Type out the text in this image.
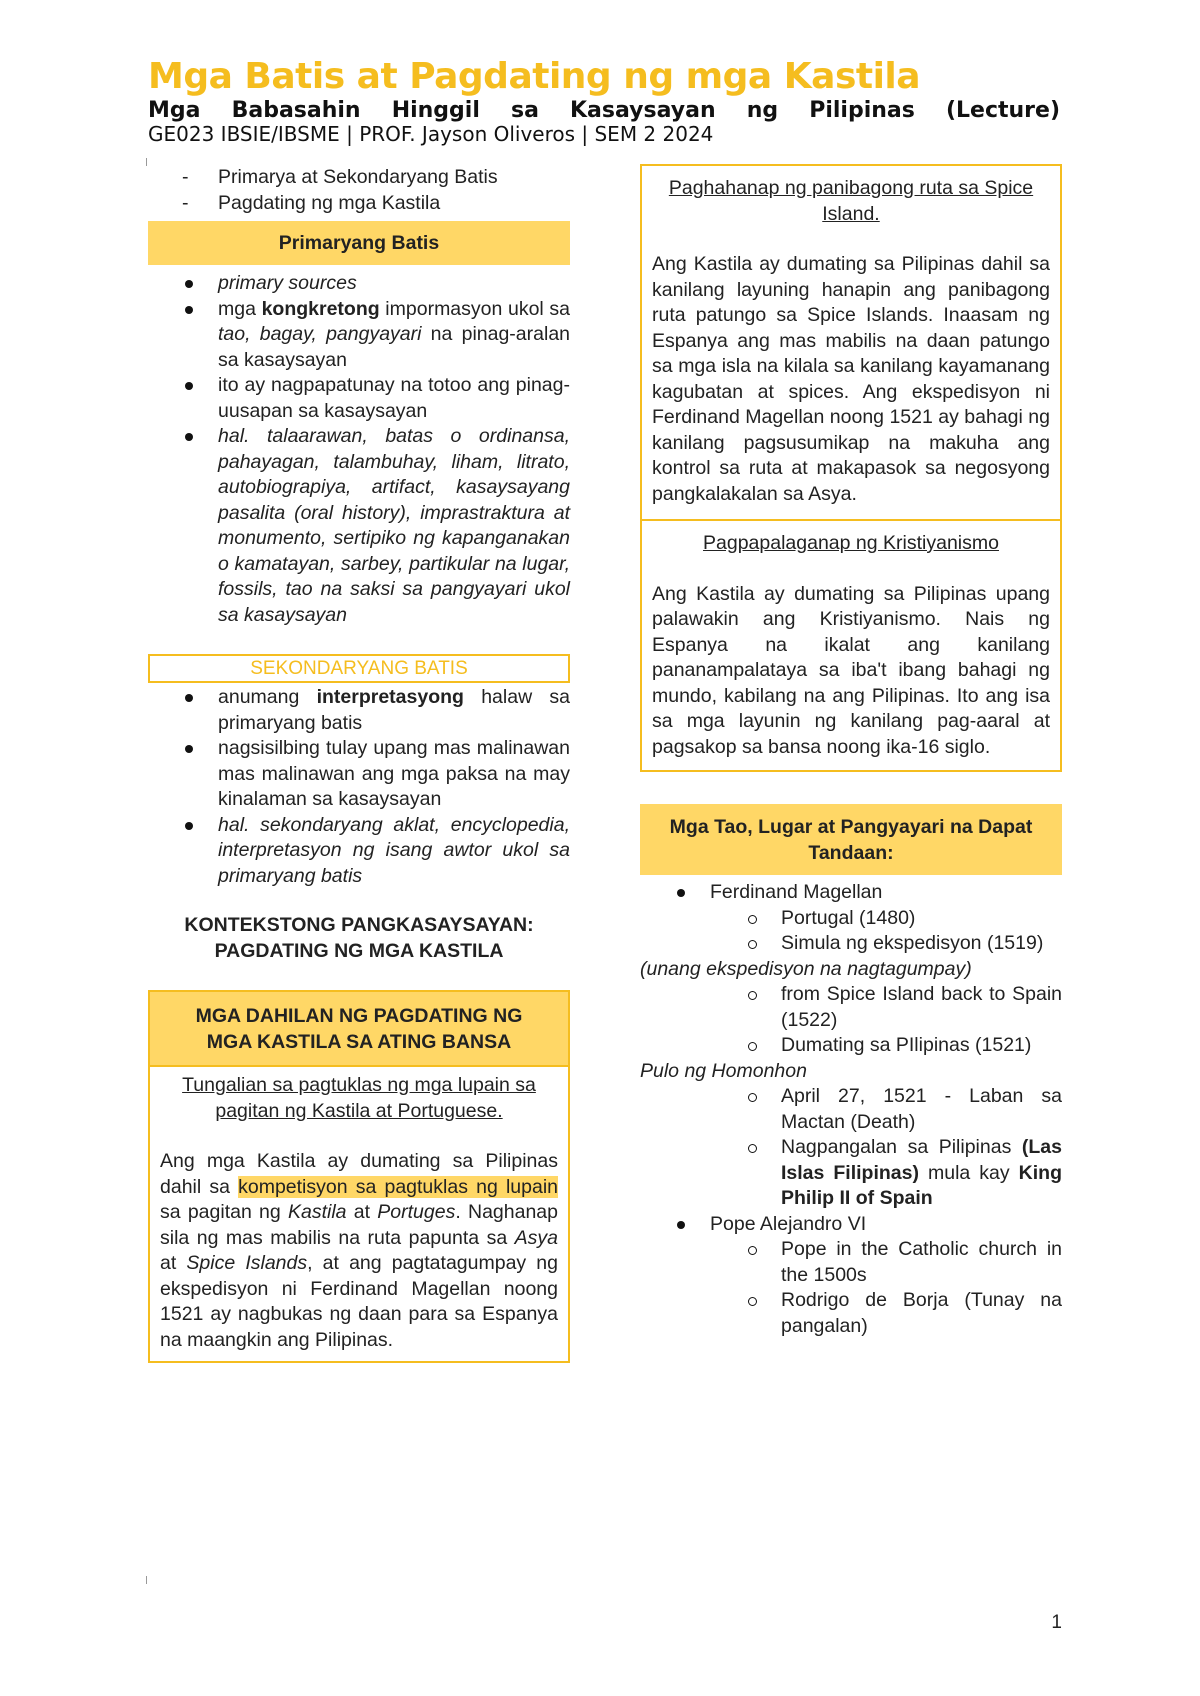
Mga Batis at Pagdating ng mga Kastila
Mga Babasahin Hinggil sa Kasaysayan ng Pilipinas (Lecture)
GE023 IBSIE/IBSME | PROF. Jayson Oliveros | SEM 2 2024
- Primarya at Sekondaryang Batis
- Pagdating ng mga Kastila
Primaryang Batis
primary sources
mga kongkretong impormasyon ukol sa tao, bagay, pangyayari na pinag-aralan sa kasaysayan
ito ay nagpapatunay na totoo ang pinag-uusapan sa kasaysayan
hal. talaarawan, batas o ordinansa, pahayagan, talambuhay, liham, litrato, autobiograpiya, artifact, kasaysayang pasalita (oral history), imprastraktura at monumento, sertipiko ng kapanganakan o kamatayan, sarbey, partikular na lugar, fossils, tao na saksi sa pangyayari ukol sa kasaysayan
SEKONDARYANG BATIS
anumang interpretasyong halaw sa primaryang batis
nagsisilbing tulay upang mas malinawan mas malinawan ang mga paksa na may kinalaman sa kasaysayan
hal. sekondaryang aklat, encyclopedia, interpretasyon ng isang awtor ukol sa primaryang batis
KONTEKSTONG PANGKASAYSAYAN: PAGDATING NG MGA KASTILA
MGA DAHILAN NG PAGDATING NG MGA KASTILA SA ATING BANSA
Tungalian sa pagtuklas ng mga lupain sa pagitan ng Kastila at Portuguese.
Ang mga Kastila ay dumating sa Pilipinas dahil sa kompetisyon sa pagtuklas ng lupain sa pagitan ng Kastila at Portuges. Naghanap sila ng mas mabilis na ruta papunta sa Asya at Spice Islands, at ang pagtatagumpay ng ekspedisyon ni Ferdinand Magellan noong 1521 ay nagbukas ng daan para sa Espanya na maangkin ang Pilipinas.
Paghahanap ng panibagong ruta sa Spice Island.
Ang Kastila ay dumating sa Pilipinas dahil sa kanilang layuning hanapin ang panibagong ruta patungo sa Spice Islands. Inaasam ng Espanya ang mas mabilis na daan patungo sa mga isla na kilala sa kanilang kayamanang kagubatan at spices. Ang ekspedisyon ni Ferdinand Magellan noong 1521 ay bahagi ng kanilang pagsusumikap na makuha ang kontrol sa ruta at makapasok sa negosyong pangkalakalan sa Asya.
Pagpapalaganap ng Kristiyanismo
Ang Kastila ay dumating sa Pilipinas upang palawakin ang Kristiyanismo. Nais ng Espanya na ikalat ang kanilang pananampalataya sa iba't ibang bahagi ng mundo, kabilang na ang Pilipinas. Ito ang isa sa mga layunin ng kanilang pag-aaral at pagsakop sa bansa noong ika-16 siglo.
Mga Tao, Lugar at Pangyayari na Dapat Tandaan:
Ferdinand Magellan
Portugal (1480)
Simula ng ekspedisyon (1519)
(unang ekspedisyon na nagtagumpay)
from Spice Island back to Spain (1522)
Dumating sa PIlipinas (1521)
Pulo ng Homonhon
April 27, 1521 - Laban sa Mactan (Death)
Nagpangalan sa Pilipinas (Las Islas Filipinas) mula kay King Philip II of Spain
Pope Alejandro VI
Pope in the Catholic church in the 1500s
Rodrigo de Borja (Tunay na pangalan)
1
